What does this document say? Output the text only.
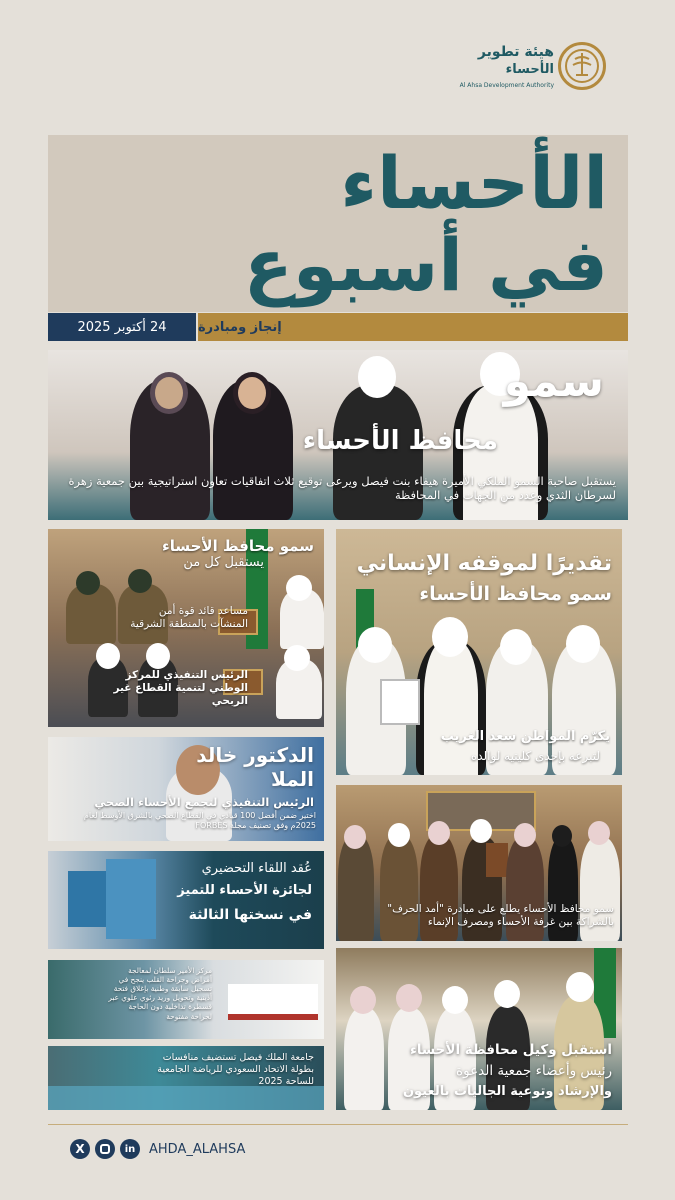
هيئة تطوير
الأحساء
Al Ahsa Development Authority
الأحساء
في أسبوع
24 أكتوبر 2025 إنجاز ومبادرة
سمو
محافظ الأحساء
يستقبل صاحبة السمو الملكي الأميرة هيفاء بنت فيصل ويرعى توقيع ثلاث اتفاقيات تعاون استراتيجية بين جمعية زهرة لسرطان الثدي وعدد من الجهات في المحافظة
سمو محافظ الأحساء
يستقبل كل من
مساعد قائد قوة أمن المنشآت بالمنطقة الشرقية
الرئيس التنفيذي للمركز الوطني لتنمية القطاع غير الربحي
تقديرًا لموقفه الإنساني
سمو محافظ الأحساء
يكرّم المواطن سعد الغريب
لتبرعه بإحدى كليتيه لوالده
الدكتور خالد
الملا
الرئيس التنفيذي لتجمع الأحساء الصحي
اختير ضمن أفضل 100 قيادي في القطاع الصحي بالشرق الأوسط لعام 2025م وفق تصنيف مجلة FORBES
سمو محافظ الأحساء يطلع على مبادرة "أمد الحرف" بالشراكة بين غرفة الأحساء ومصرف الإنماء
عُقد اللقاء التحضيري
لجائزة الأحساء للتميز
في نسختها الثالثة
مركز الأمير سلطان لمعالجة أمراض وجراحة القلب ينجح في تسجيل سابقة وطنية بإغلاق فتحة أذينية وتحويل وريد رئوي علوي عبر قسطرة تداخلية دون الحاجة لجراحة مفتوحة
استقبل وكيل محافظة الأحساء
رئيس وأعضاء جمعية الدعوة
والإرشاد وتوعية الجاليات بالعيون
جامعة الملك فيصل تستضيف منافسات بطولة الاتحاد السعودي للرياضة الجامعية للساحة 2025
X	in	AHDA_ALAHSA
